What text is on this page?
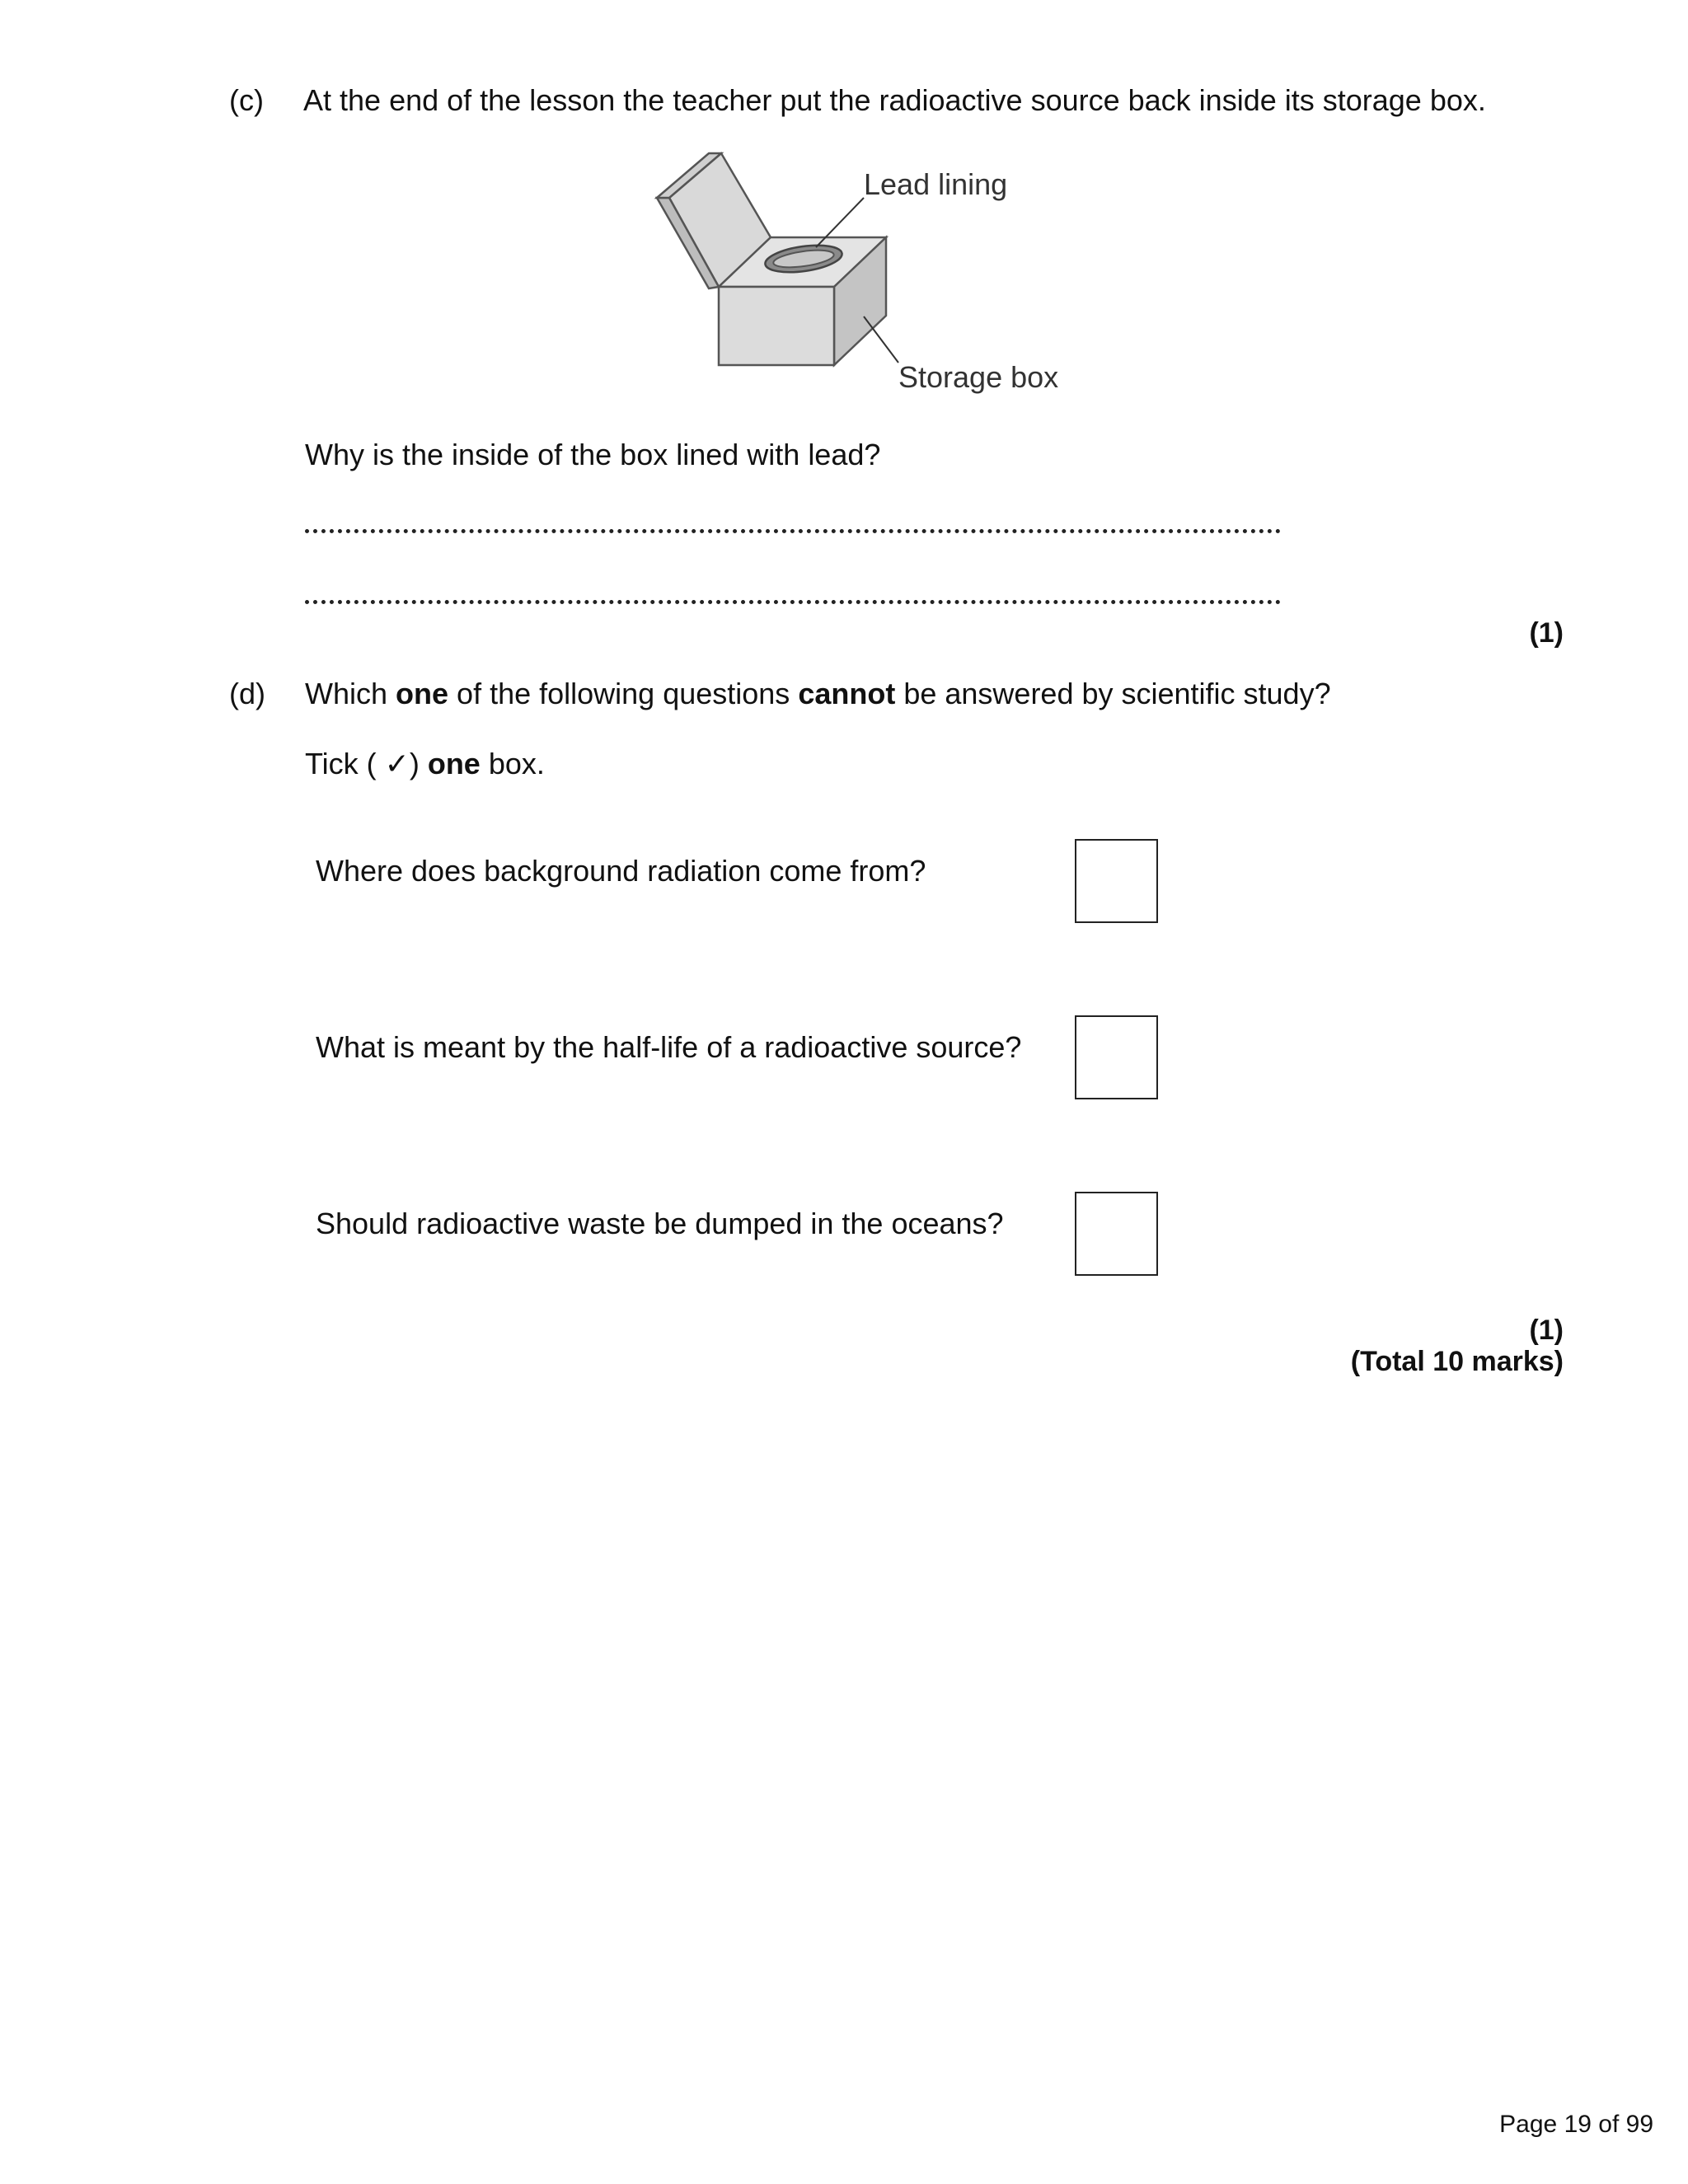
(c) At the end of the lesson the teacher put the radioactive source back inside its storage box.
Lead lining
Storage box
Why is the inside of the box lined with lead?
(1)
(d) Which one of the following questions cannot be answered by scientific study?
Tick ( ✓) one box.
Where does background radiation come from?
What is meant by the half-life of a radioactive source?
Should radioactive waste be dumped in the oceans?
(1)
(Total 10 marks)
Page 19 of 99
